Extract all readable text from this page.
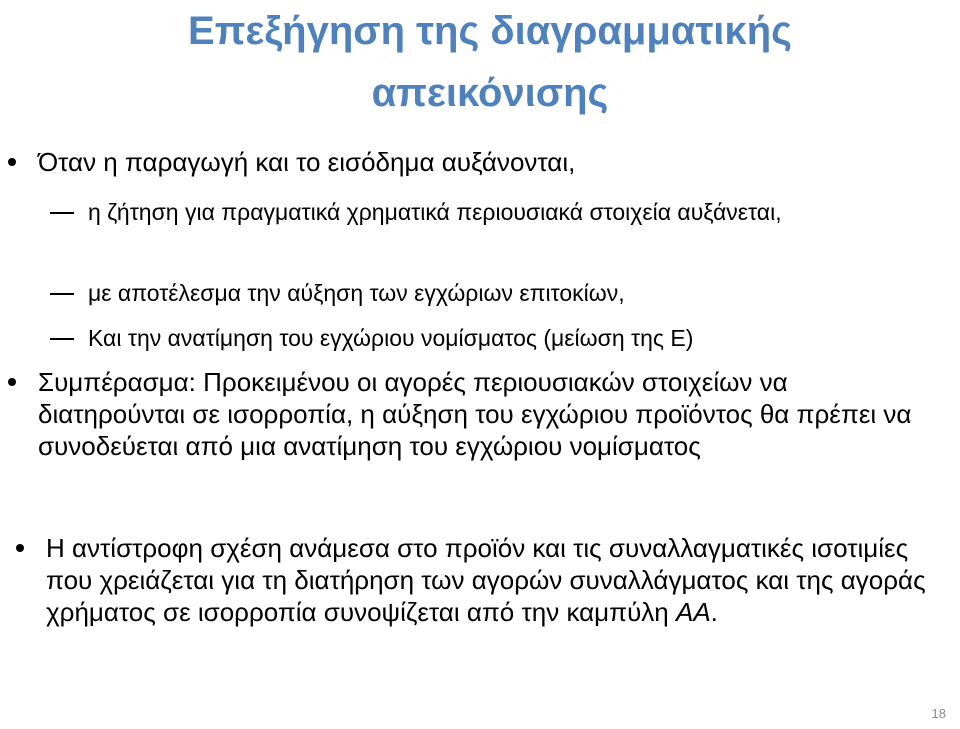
Επεξήγηση της διαγραμματικής
απεικόνισης
Όταν η παραγωγή και το εισόδημα αυξάνονται,
η ζήτηση για πραγματικά χρηματικά περιουσιακά στοιχεία αυξάνεται,
με αποτέλεσμα την αύξηση των εγχώριων επιτοκίων,
Και την ανατίμηση του εγχώριου νομίσματος (μείωση της E)
Συμπέρασμα: Προκειμένου οι αγορές περιουσιακών στοιχείων να διατηρούνται σε ισορροπία, η αύξηση του εγχώριου προϊόντος θα πρέπει να συνοδεύεται από μια ανατίμηση του εγχώριου νομίσματος
Η αντίστροφη σχέση ανάμεσα στο προϊόν και τις συναλλαγματικές ισοτιμίες που χρειάζεται για τη διατήρηση των αγορών συναλλάγματος και της αγοράς χρήματος σε ισορροπία συνοψίζεται από την καμπύλη AA.
18
